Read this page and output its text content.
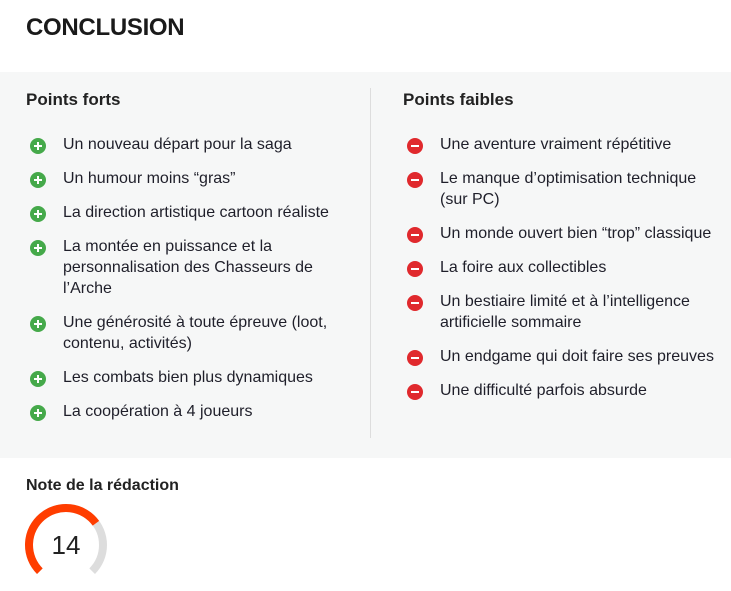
CONCLUSION
Points forts
Un nouveau départ pour la saga
Un humour moins “gras”
La direction artistique cartoon réaliste
La montée en puissance et la personnalisation des Chasseurs de l’Arche
Une générosité à toute épreuve (loot, contenu, activités)
Les combats bien plus dynamiques
La coopération à 4 joueurs
Points faibles
Une aventure vraiment répétitive
Le manque d’optimisation technique (sur PC)
Un monde ouvert bien “trop” classique
La foire aux collectibles
Un bestiaire limité et à l’intelligence artificielle sommaire
Un endgame qui doit faire ses preuves
Une difficulté parfois absurde

Note de la rédaction

14
